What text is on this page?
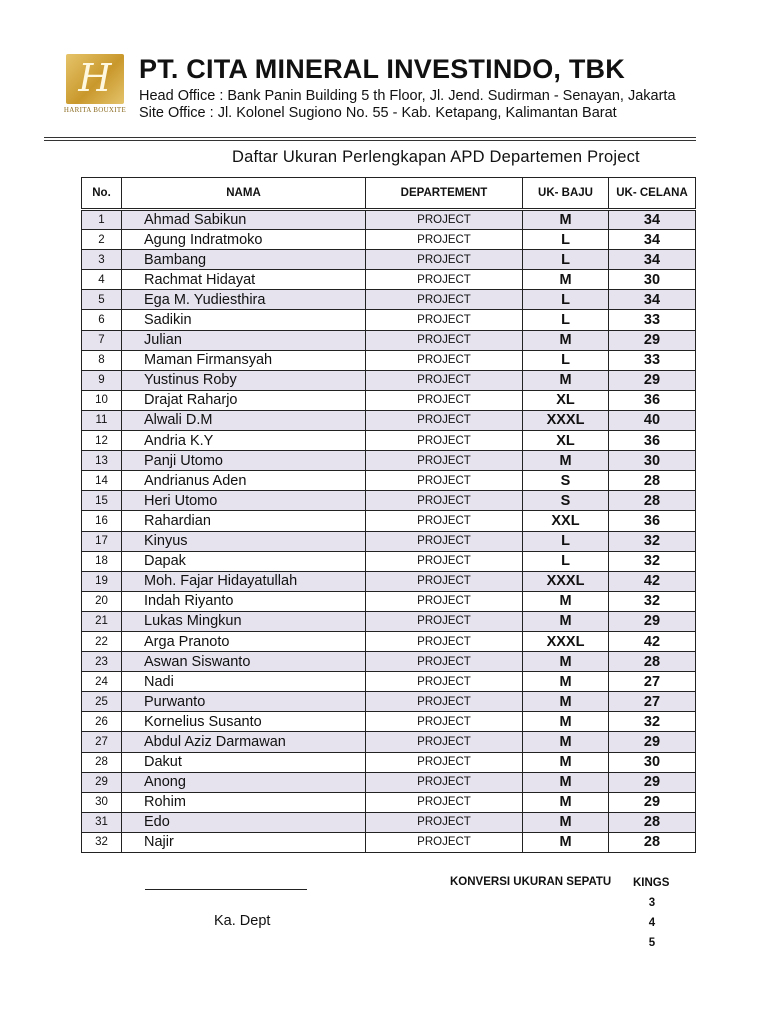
H
HARITA BOUXITE
PT. CITA MINERAL INVESTINDO, TBK
Head Office : Bank Panin Building 5 th Floor, Jl. Jend. Sudirman - Senayan, Jakarta
Site Office : Jl. Kolonel Sugiono No. 55 - Kab. Ketapang, Kalimantan Barat
Daftar Ukuran Perlengkapan APD Departemen Project
No.	NAMA	DEPARTEMENT	UK- BAJU	UK- CELANA
1	Ahmad Sabikun	PROJECT	M	34
2	Agung Indratmoko	PROJECT	L	34
3	Bambang	PROJECT	L	34
4	Rachmat Hidayat	PROJECT	M	30
5	Ega M. Yudiesthira	PROJECT	L	34
6	Sadikin	PROJECT	L	33
7	Julian	PROJECT	M	29
8	Maman Firmansyah	PROJECT	L	33
9	Yustinus Roby	PROJECT	M	29
10	Drajat Raharjo	PROJECT	XL	36
11	Alwali D.M	PROJECT	XXXL	40
12	Andria K.Y	PROJECT	XL	36
13	Panji Utomo	PROJECT	M	30
14	Andrianus Aden	PROJECT	S	28
15	Heri Utomo	PROJECT	S	28
16	Rahardian	PROJECT	XXL	36
17	Kinyus	PROJECT	L	32
18	Dapak	PROJECT	L	32
19	Moh. Fajar Hidayatullah	PROJECT	XXXL	42
20	Indah Riyanto	PROJECT	M	32
21	Lukas Mingkun	PROJECT	M	29
22	Arga Pranoto	PROJECT	XXXL	42
23	Aswan Siswanto	PROJECT	M	28
24	Nadi	PROJECT	M	27
25	Purwanto	PROJECT	M	27
26	Kornelius Susanto	PROJECT	M	32
27	Abdul Aziz Darmawan	PROJECT	M	29
28	Dakut	PROJECT	M	30
29	Anong	PROJECT	M	29
30	Rohim	PROJECT	M	29
31	Edo	PROJECT	M	28
32	Najir	PROJECT	M	28
Ka. Dept
KONVERSI UKURAN SEPATU KINGS
3
4
5
